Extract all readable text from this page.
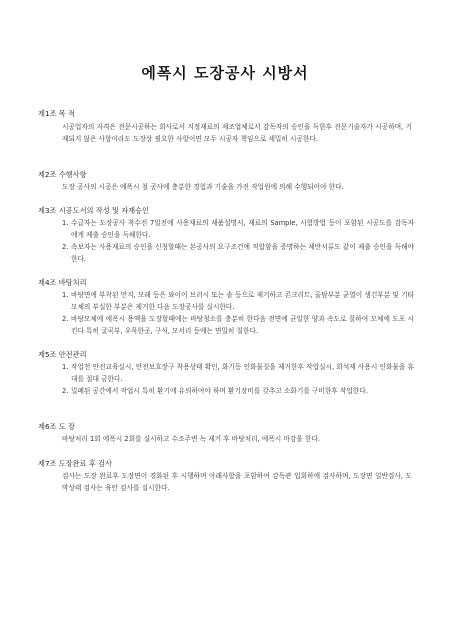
에폭시 도장공사 시방서
제1조 목 적
시공업자의 자격은 전문시공하는 회사로서 지정재료의 제조업체로서 감독자의 승인을 득한후 전문기술자가 시공하며, 기재되지 않은 사항이라도 도장상 필요한 사항이면 모두 시공자 책임으로 세밀히 시공한다.
제2조 수행사항
도장 공사의 시공은 에폭시 철 공사에 충분한 경험과 기술을 가진 작업원에 의해 수행되어야 한다.
제3조 시공도서의 작성 및 자재승인
1. 수급자는 도장공사 착수전 7일전에 사용재료의 제품설명서, 재료의 Sample, 시험방법 등이 포함된 시공도를 감독자에게 제출 승인을 득해한다.
2. 속보자는 사용재료의 승인을 신청할때는 본공사의 요구조건에 적합함을 증명하는 제반서류도 같이 제출 승인을 득해야 한다.
제4조 바탕처리
1. 바탕면에 부착된 먼지, 모래 등은 와이어 브러시 또는 솔 등으로 제거하고 콘크리트, 올탐부분 균열이 생긴부분 및 기타 모체의 부실한 부분은 제거한 다음 도장공사를 실시한다.
2. 바탕모체에 에폭시 용액을 도장할때에는 바탕청소를 충분히 한다음 전면에 균일한 양과 속도로 칠하여 모체에 도포 시킨다 특히 굴곡부, 우묵한곳, 구석, 모서리 등에는 면밀히 칠한다.
제5조 안전관리
1. 작업전 안전교육실시, 안전보호장구 착용상태 확인, 화기등 인화물질을 제거한후 작업실시, 회석재 사용시 인화물을 휴대를 절대 금한다.
2. 밀폐된 공간에서 작업시 특히 환기에 유의하여야 하며 환기장비를 갖추고 소화기를 구비한후 작업한다.
제6조 도 장
바탕처리 1회 에폭시 2회를 실시하고 수조주변 녹 제거 후 바탕처리, 에폭시 마감을 한다.
제7조 도장완료 후 검사
검사는 도장 완료후 도장면이 경화된 후 시행하며 아래사항을 포함하여 감독관 입회하에 검사하며, 도장면 일반검사, 도막상태 검사는 육안 검사를 실시한다.
